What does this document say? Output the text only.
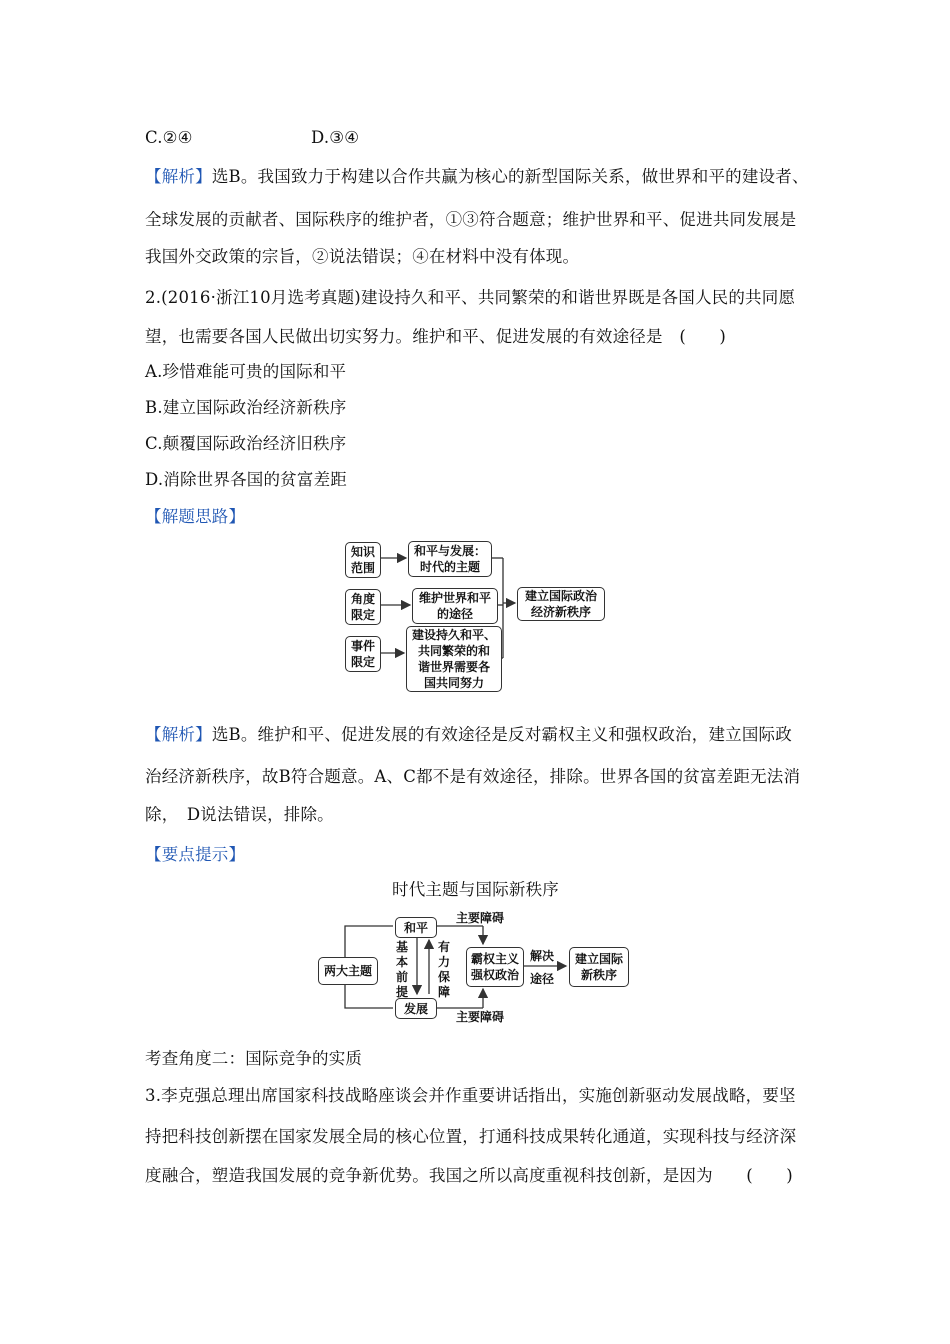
C.②④	D.③④
【解析】选B。我国致力于构建以合作共赢为核心的新型国际关系，做世界和平的建设者、
全球发展的贡献者、国际秩序的维护者，①③符合题意；维护世界和平、促进共同发展是
我国外交政策的宗旨，②说法错误；④在材料中没有体现。
2.(2016·浙江10月选考真题)建设持久和平、共同繁荣的和谐世界既是各国人民的共同愿
望，也需要各国人民做出切实努力。维护和平、促进发展的有效途径是　(　　)
A.珍惜难能可贵的国际和平
B.建立国际政治经济新秩序
C.颠覆国际政治经济旧秩序
D.消除世界各国的贫富差距
【解题思路】
知识
范围
角度
限定
事件
限定
和平与发展：
时代的主题
维护世界和平
的途径
建设持久和平、
共同繁荣的和
谐世界需要各
国共同努力
建立国际政治
经济新秩序
【解析】选B。维护和平、促进发展的有效途径是反对霸权主义和强权政治，建立国际政
治经济新秩序，故B符合题意。A、C都不是有效途径，排除。世界各国的贫富差距无法消
除，　D说法错误，排除。
【要点提示】
时代主题与国际新秩序
两大主题
和平
发展
基
本
前
提
有
力
保
障
主要障碍
主要障碍
霸权主义
强权政治
解决
途径
建立国际
新秩序
考查角度二：国际竞争的实质
3.李克强总理出席国家科技战略座谈会并作重要讲话指出，实施创新驱动发展战略，要坚
持把科技创新摆在国家发展全局的核心位置，打通科技成果转化通道，实现科技与经济深
度融合，塑造我国发展的竞争新优势。我国之所以高度重视科技创新，是因为　　(　　)
